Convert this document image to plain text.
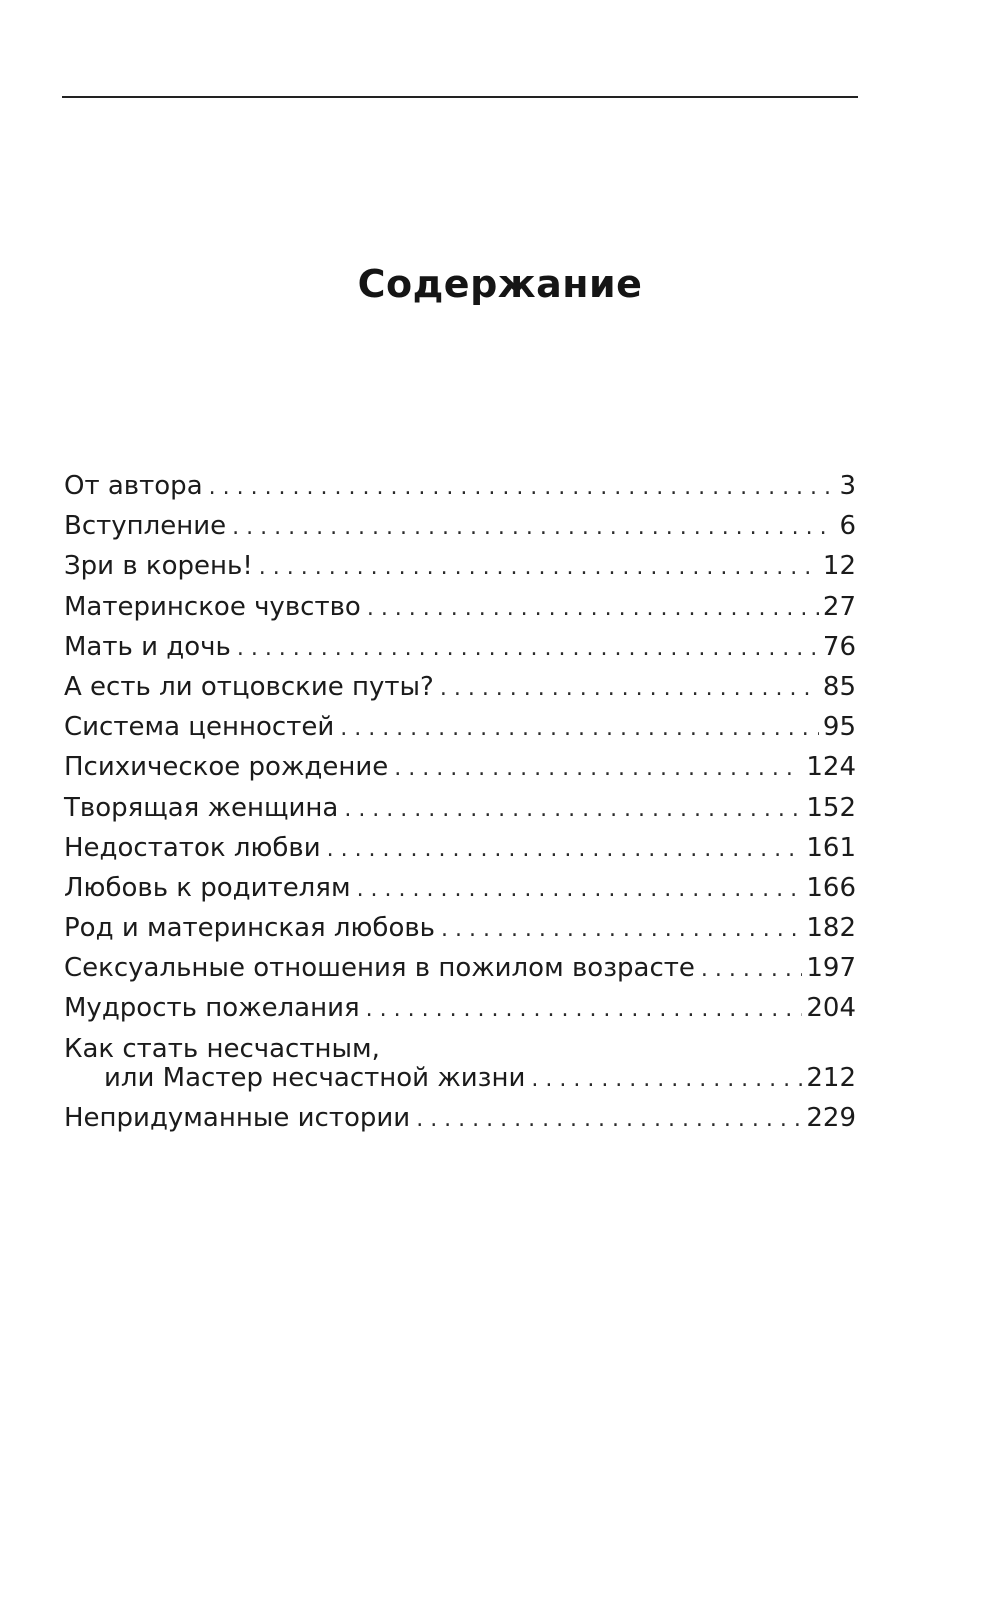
Содержание
От автора . . .	3
Вступление . . .	6
Зри в корень! . . .	12
Материнское чувство . . .	27
Мать и дочь . . .	76
А есть ли отцовские путы? . . .	85
Система ценностей . . .	95
Психическое рождение . . .	124
Творящая женщина . . .	152
Недостаток любви . . .	161
Любовь к родителям . . .	166
Род и материнская любовь . . .	182
Сексуальные отношения в пожилом возрасте . . .	197
Мудрость пожелания . . .	204
Как стать несчастным,
или Мастер несчастной жизни . . .	212
Непридуманные истории . . .	229
